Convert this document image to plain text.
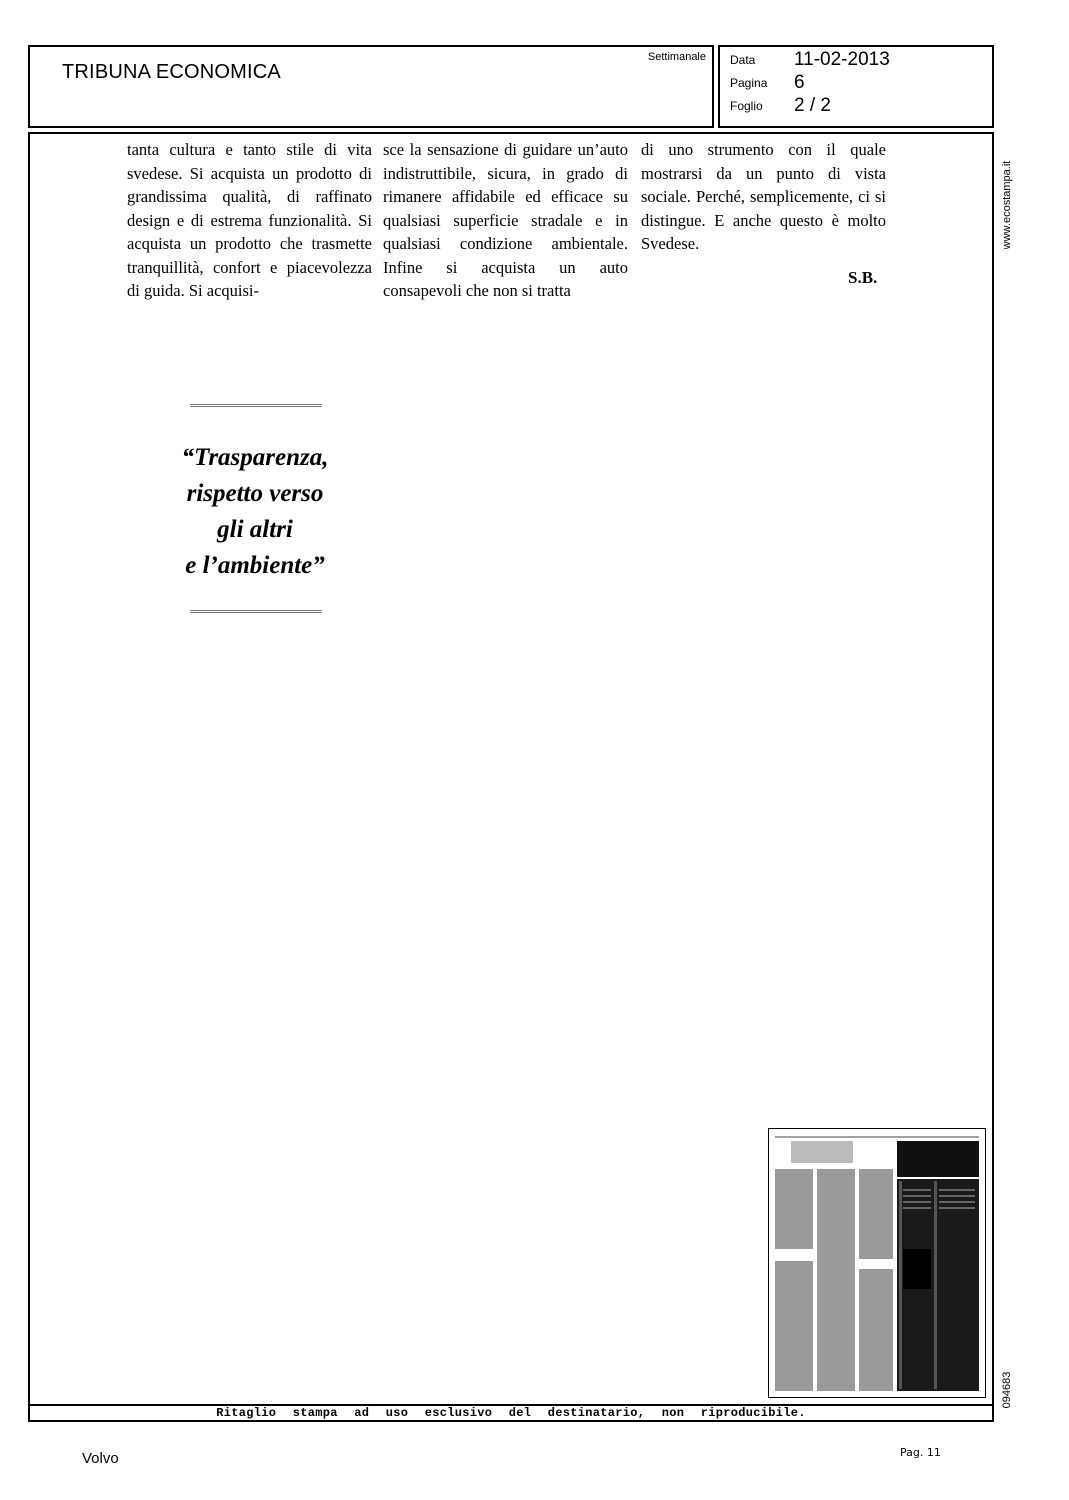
TRIBUNA ECONOMICA
Settimanale Data 11-02-2013
Pagina 6
Foglio 2 / 2

tanta cultura e tanto stile di vita svedese. Si acquista un prodotto di grandissima qualità, di raffinato design e di estrema funzionalità. Si acquista un prodotto che trasmette tranquillità, confort e piacevolezza di guida. Si acquisi-

sce la sensazione di guidare un’auto indistruttibile, sicura, in grado di rimanere affidabile ed efficace su qualsiasi superficie stradale e in qualsiasi condizione ambientale. Infine si acquista un auto consapevoli che non si tratta

di uno strumento con il quale mostrarsi da un punto di vista sociale. Perché, semplicemente, ci si distingue. E anche questo è molto Svedese.

S.B.
“Trasparenza,
rispetto verso
gli altri
e l’ambiente”
Ritaglio stampa ad uso esclusivo del destinatario, non riproducibile.
www.ecostampa.it
094683
Volvo	Pag. 11
